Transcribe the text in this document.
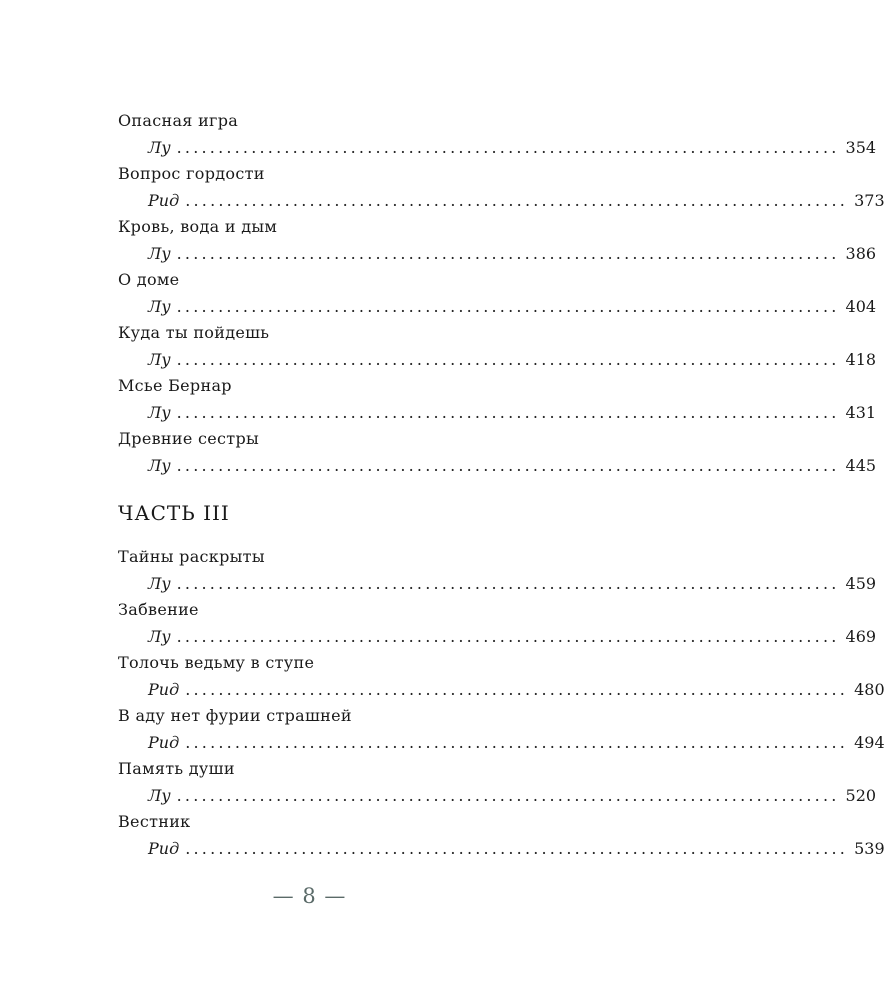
Опасная игра
Лу ................................................................................ 354
Вопрос гордости
Рид ................................................................................ 373
Кровь, вода и дым
Лу ................................................................................ 386
О доме
Лу ................................................................................ 404
Куда ты пойдешь
Лу ................................................................................ 418
Мсье Бернар
Лу ................................................................................ 431
Древние сестры
Лу ................................................................................ 445
ЧАСТЬ III
Тайны раскрыты
Лу ................................................................................ 459
Забвение
Лу ................................................................................ 469
Толочь ведьму в ступе
Рид ................................................................................ 480
В аду нет фурии страшней
Рид ................................................................................ 494
Память души
Лу ................................................................................ 520
Вестник
Рид ................................................................................ 539
— 8 —
